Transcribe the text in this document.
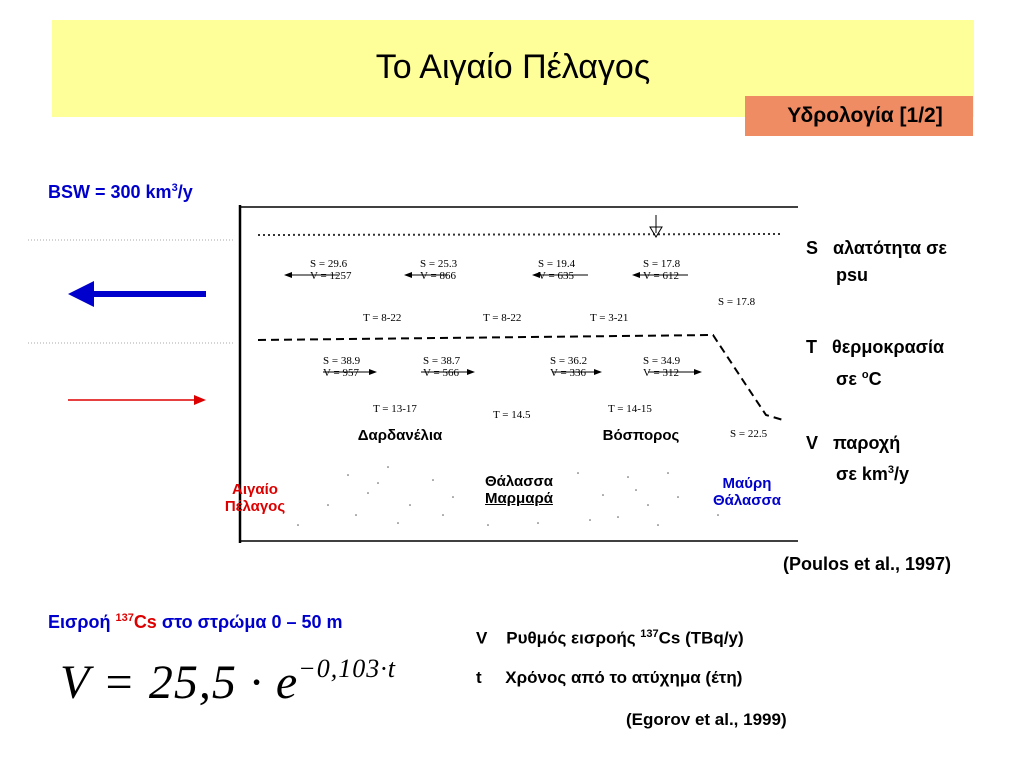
Το Αιγαίο Πέλαγος
Υδρολογία [1/2]
BSW = 300 $km^3/y$
S = 29.6
V = 1257
S = 25.3
V = 866
S = 19.4
V = 635
S = 17.8
V = 612
S = 17.8
T = 8-22	T = 8-22	T = 3-21
S = 38.9
V = 957
S = 38.7
V = 566
S = 36.2
V = 336
S = 34.9
V = 312
T = 13-17	T = 14.5	T = 14-15
S = 22.5
Δαρδανέλια	Βόσπορος
Θάλασσα
Μαρμαρά
Αιγαίο
Πέλαγος
Μαύρη
Θάλασσα
S αλατότητα σε
psu
T θερμοκρασία
σε $^o$C
V παροχή
σε $km^3/y$
(Poulos et al., 1997)
Εισροή $^{137}$Cs στο στρώμα 0 – 50 m
$V = 25,5 \cdot e^{-0,103\cdot t}$
V Ρυθμός εισροής $^{137}$Cs (TBq/y)
t Χρόνος από το ατύχημα (έτη)
(Egorov et al., 1999)
